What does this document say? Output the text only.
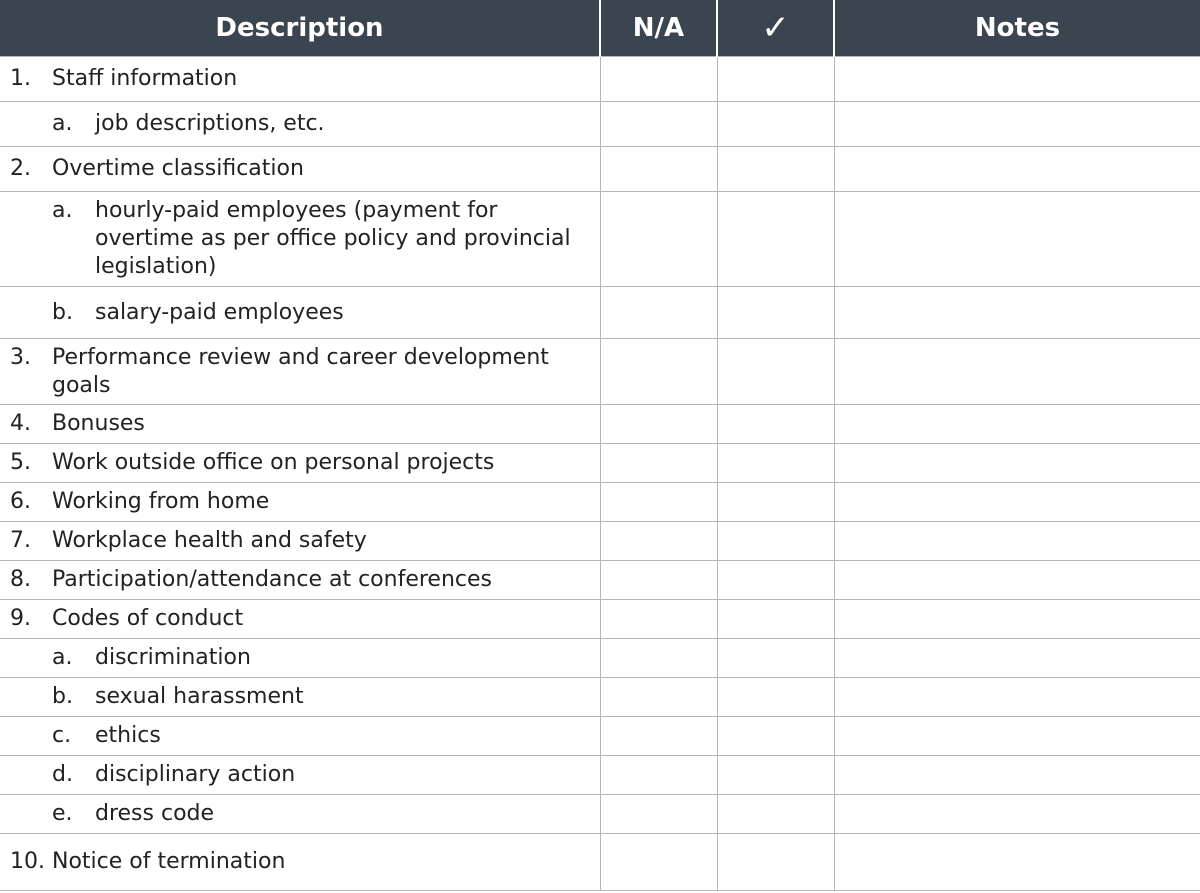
Description	N/A	✓	Notes

1. Staff information			

a. job descriptions, etc.			

2. Overtime classification			

a. hourly-paid employees (payment for overtime as per office policy and provincial legislation)			

b. salary-paid employees			

3. Performance review and career development goals			

4. Bonuses			

5. Work outside office on personal projects			

6. Working from home			

7. Workplace health and safety			

8. Participation/attendance at conferences			

9. Codes of conduct			

a. discrimination			

b. sexual harassment			

c. ethics			

d. disciplinary action			

e. dress code			

10. Notice of termination			
